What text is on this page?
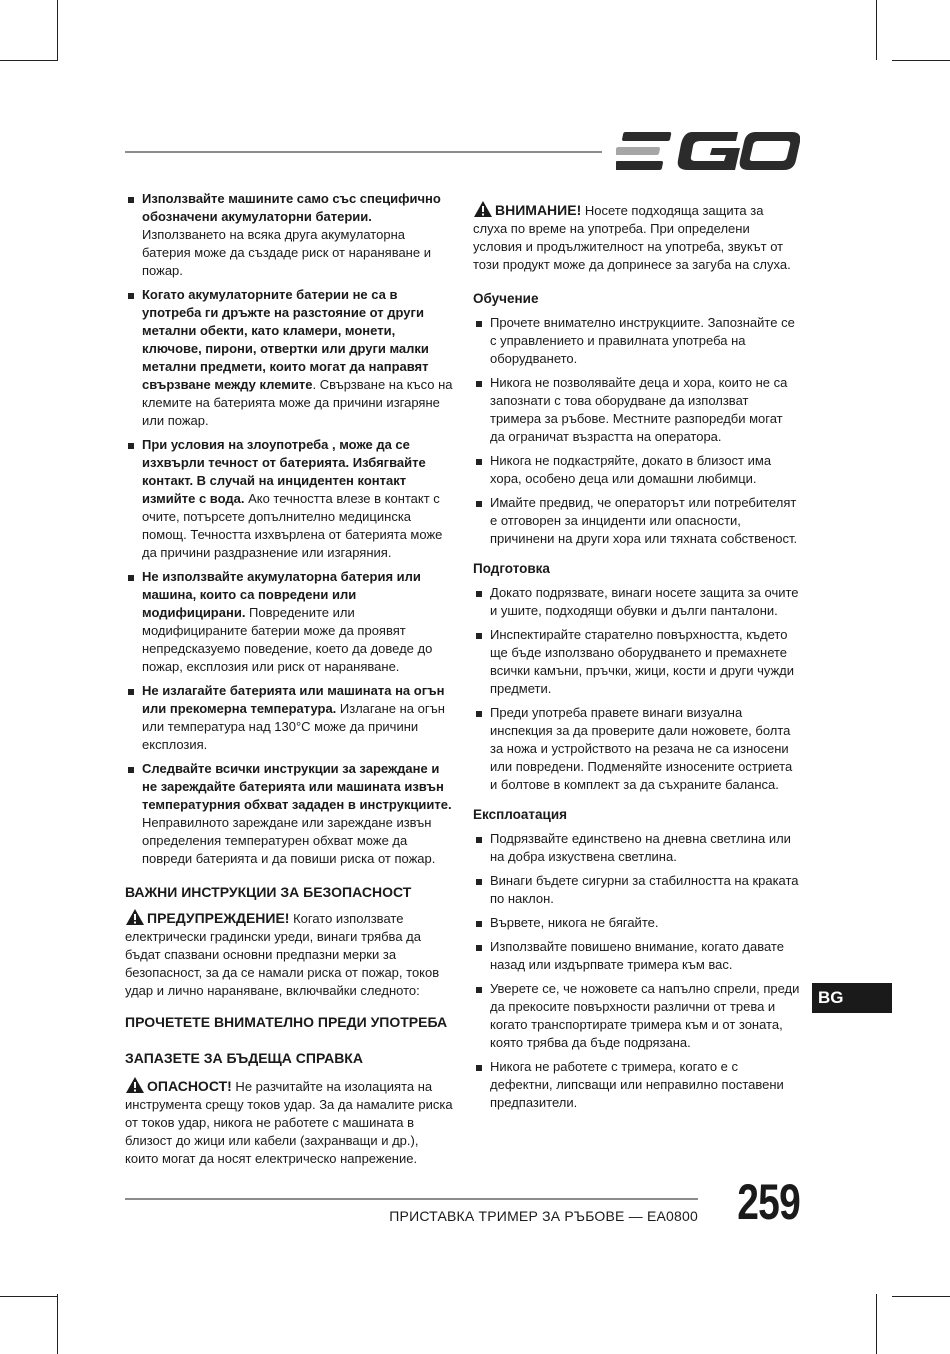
Използвайте машините само със специфично обозначени акумулаторни батерии. Използването на всяка друга акумулаторна батерия може да създаде риск от нараняване и пожар.
Когато акумулаторните батерии не са в употреба ги дръжте на разстояние от други метални обекти, като кламери, монети, ключове, пирони, отвертки или други малки метални предмети, които могат да направят свързване между клемите. Свързване на късо на клемите на батерията може да причини изгаряне или пожар.
При условия на злоупотреба , може да се изхвърли течност от батерията. Избягвайте контакт. В случай на инцидентен контакт измийте с вода. Ако течността влезе в контакт с очите, потърсете допълнително медицинска помощ. Течността изхвърлена от батерията може да причини раздразнение или изгаряния.
Не използвайте акумулаторна батерия или машина, които са повредени или модифицирани. Повредените или модифицираните батерии може да проявят непредсказуемо поведение, което да доведе до пожар, експлозия или риск от нараняване.
Не излагайте батерията или машината на огън или прекомерна температура. Излагане на огън или температура над 130°C може да причини експлозия.
Следвайте всички инструкции за зареждане и не зареждайте батерията или машината извън температурния обхват зададен в инструкциите. Неправилното зареждане или зареждане извън определения температурен обхват може да повреди батерията и да повиши риска от пожар.
ВАЖНИ ИНСТРУКЦИИ ЗА БЕЗОПАСНОСТ

ПРЕДУПРЕЖДЕНИЕ! Когато използвате електрически градински уреди, винаги трябва да бъдат спазвани основни предпазни мерки за безопасност, за да се намали риска от пожар, токов удар и лично нараняване, включвайки следното:

ПРОЧЕТЕТЕ ВНИМАТЕЛНО ПРЕДИ УПОТРЕБА
ЗАПАЗЕТЕ ЗА БЪДЕЩА СПРАВКА

ОПАСНОСТ! Не разчитайте на изолацията на инструмента срещу токов удар. За да намалите риска от токов удар, никога не работете с машината в близост до жици или кабели (захранващи и др.), които могат да носят електрическо напрежение.

ВНИМАНИЕ! Носете подходяща защита за слуха по време на употреба. При определени условия и продължителност на употреба, звукът от този продукт може да допринесе за загуба на слуха.

Обучение
Прочете внимателно инструкциите. Запознайте се с управлението и правилната употреба на оборудването.
Никога не позволявайте деца и хора, които не са запознати с това оборудване да използват тримера за ръбове. Местните разпоредби могат да ограничат възрастта на оператора.
Никога не подкастряйте, докато в близост има хора, особено деца или домашни любимци.
Имайте предвид, че операторът или потребителят е отговорен за инциденти или опасности, причинени на други хора или тяхната собственост.
Подготовка
Докато подрязвате, винаги носете защита за очите и ушите, подходящи обувки и дълги панталони.
Инспектирайте старателно повърхността, където ще бъде използвано оборудването и премахнете всички камъни, пръчки, жици, кости и други чужди предмети.
Преди употреба правете винаги визуална инспекция за да проверите дали ножовете, болта за ножа и устройството на резача не са износени или повредени. Подменяйте износените остриета и болтове в комплект за да съхраните баланса.
Експлоатация
Подрязвайте единствено на дневна светлина или на добра изкуствена светлина.
Винаги бъдете сигурни за стабилността на краката по наклон.
Вървете, никога не бягайте.
Използвайте повишено внимание, когато давате назад или издърпвате тримера към вас.
Уверете се, че ножовете са напълно спрели, преди да прекосите повърхности различни от трева и когато транспортирате тримера към и от зоната, която трябва да бъде подрязана.
Никога не работете с тримера, когато е с дефектни, липсващи или неправилно поставени предпазители.
BG
ПРИСТАВКА ТРИМЕР ЗА РЪБОВЕ — EA0800 259
